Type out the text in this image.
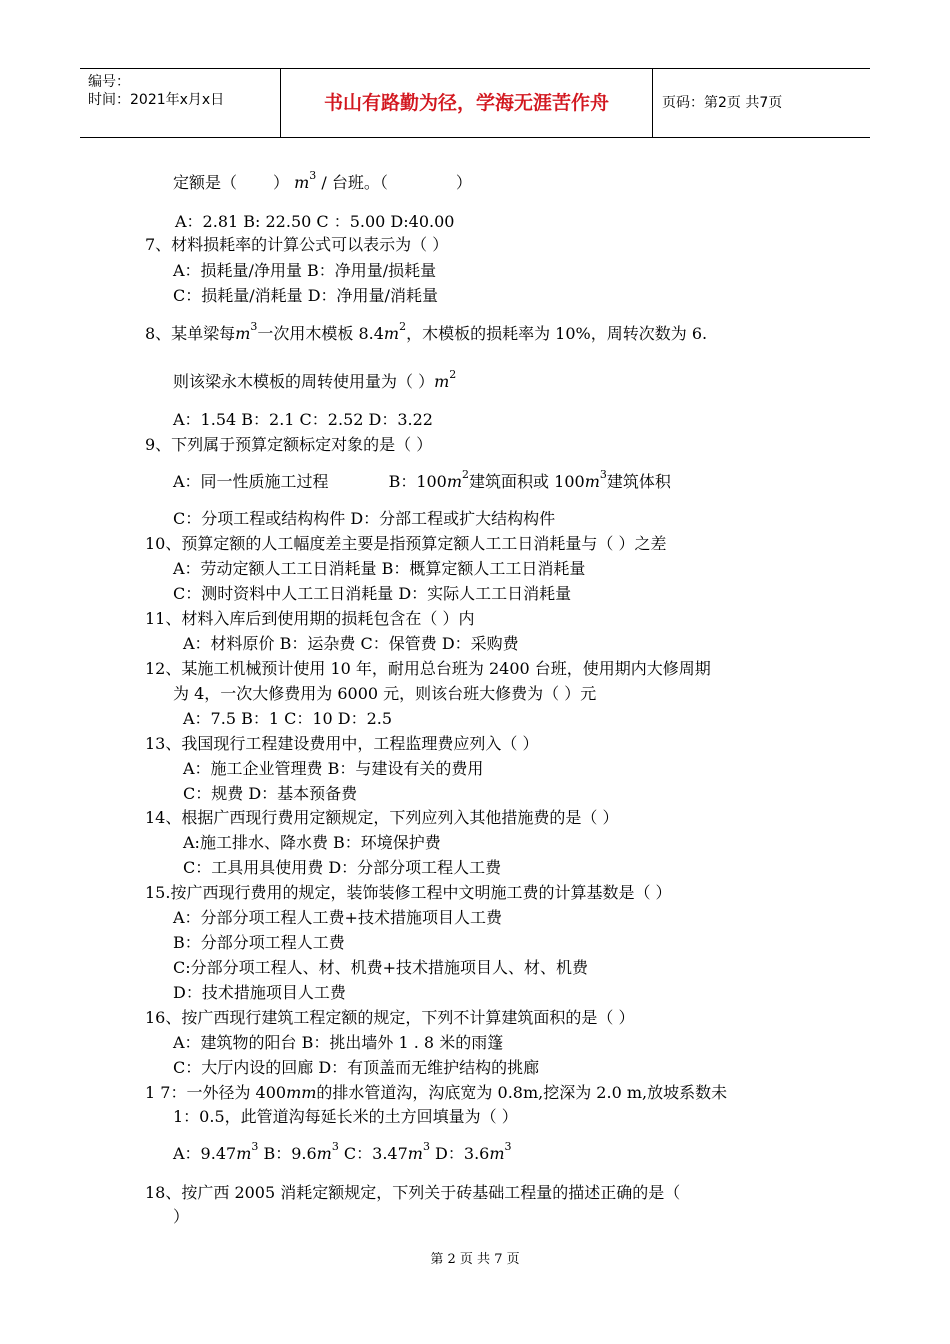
编号：
时间：2021年x月x日	书山有路勤为径，学海无涯苦作舟	页码：第2页 共7页
定额是（ ） $m^3$ / 台班。（	）
A：2.81 B: 22.50 C ：5.00 D:40.00
7、材料损耗率的计算公式可以表示为（ ）
A：损耗量/净用量 B：净用量/损耗量
C：损耗量/消耗量 D：净用量/消耗量
8、某单梁每$m^3$一次用木模板 $8.4m^2$，木模板的损耗率为 10%，周转次数为 6.
则该梁永木模板的周转使用量为（ ）$m^2$
A：1.54 B：2.1 C：2.52 D：3.22
9、下列属于预算定额标定对象的是（ ）
A：同一性质施工过程	B：$100m^2$建筑面积或 $100m^3$建筑体积
C：分项工程或结构构件 D：分部工程或扩大结构构件
10、预算定额的人工幅度差主要是指预算定额人工工日消耗量与（ ）之差
A：劳动定额人工工日消耗量 B：概算定额人工工日消耗量
C：测时资料中人工工日消耗量 D：实际人工工日消耗量
11、材料入库后到使用期的损耗包含在（ ）内
A：材料原价 B：运杂费 C：保管费 D：采购费
12、某施工机械预计使用 10 年，耐用总台班为 2400 台班，使用期内大修周期
为 4，一次大修费用为 6000 元，则该台班大修费为（ ）元
A：7.5 B：1 C：10 D：2.5
13、我国现行工程建设费用中，工程监理费应列入（ ）
A：施工企业管理费 B：与建设有关的费用
C：规费 D：基本预备费
14、根据广西现行费用定额规定，下列应列入其他措施费的是（ ）
A:施工排水、降水费 B：环境保护费
C：工具用具使用费 D：分部分项工程人工费
15.按广西现行费用的规定，装饰装修工程中文明施工费的计算基数是（ ）
A：分部分项工程人工费+技术措施项目人工费
B：分部分项工程人工费
C:分部分项工程人、材、机费+技术措施项目人、材、机费
D：技术措施项目人工费
16、按广西现行建筑工程定额的规定，下列不计算建筑面积的是（ ）
A：建筑物的阳台 B：挑出墙外 1 . 8 米的雨篷
C：大厅内设的回廊 D：有顶盖而无维护结构的挑廊
1 7：一外径为 400mm的排水管道沟，沟底宽为 0.8m,挖深为 2.0 m,放坡系数未
1：0.5，此管道沟每延长米的土方回填量为（ ）
A：$9.47m^3$ B：$9.6m^3$ C：$3.47m^3$ D：$3.6m^3$
18、按广西 2005 消耗定额规定，下列关于砖基础工程量的描述正确的是（
）
第 2 页 共 7 页
